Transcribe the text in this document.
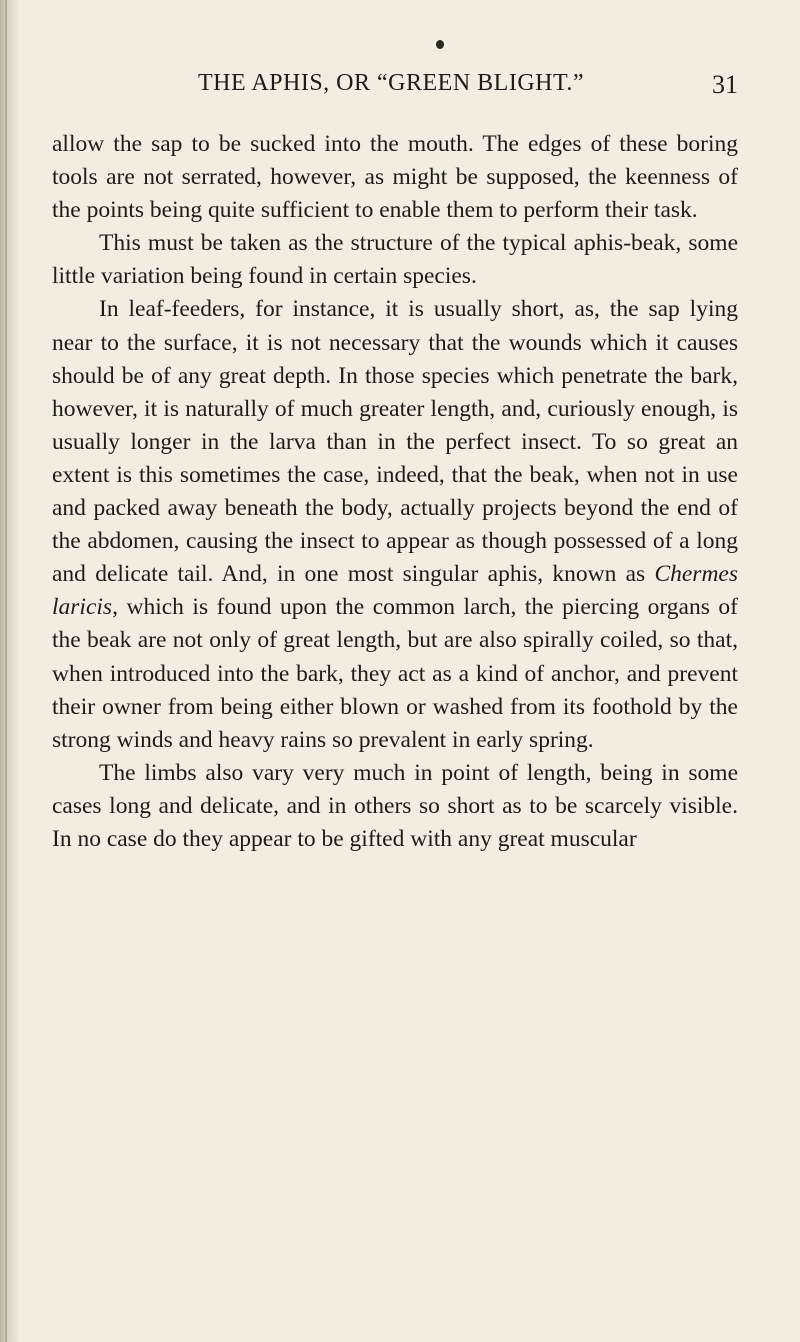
THE APHIS, OR “GREEN BLIGHT.”	31

allow the sap to be sucked into the mouth. The edges of these boring tools are not serrated, however, as might be supposed, the keenness of the points being quite sufficient to enable them to perform their task.

This must be taken as the structure of the typical aphis-beak, some little variation being found in certain species.

In leaf-feeders, for instance, it is usually short, as, the sap lying near to the surface, it is not necessary that the wounds which it causes should be of any great depth. In those species which penetrate the bark, however, it is naturally of much greater length, and, curiously enough, is usually longer in the larva than in the perfect insect. To so great an extent is this sometimes the case, indeed, that the beak, when not in use and packed away beneath the body, actually projects beyond the end of the abdomen, causing the insect to appear as though possessed of a long and delicate tail. And, in one most singular aphis, known as Chermes laricis, which is found upon the common larch, the piercing organs of the beak are not only of great length, but are also spirally coiled, so that, when introduced into the bark, they act as a kind of anchor, and prevent their owner from being either blown or washed from its foothold by the strong winds and heavy rains so prevalent in early spring.

The limbs also vary very much in point of length, being in some cases long and delicate, and in others so short as to be scarcely visible. In no case do they appear to be gifted with any great muscular
